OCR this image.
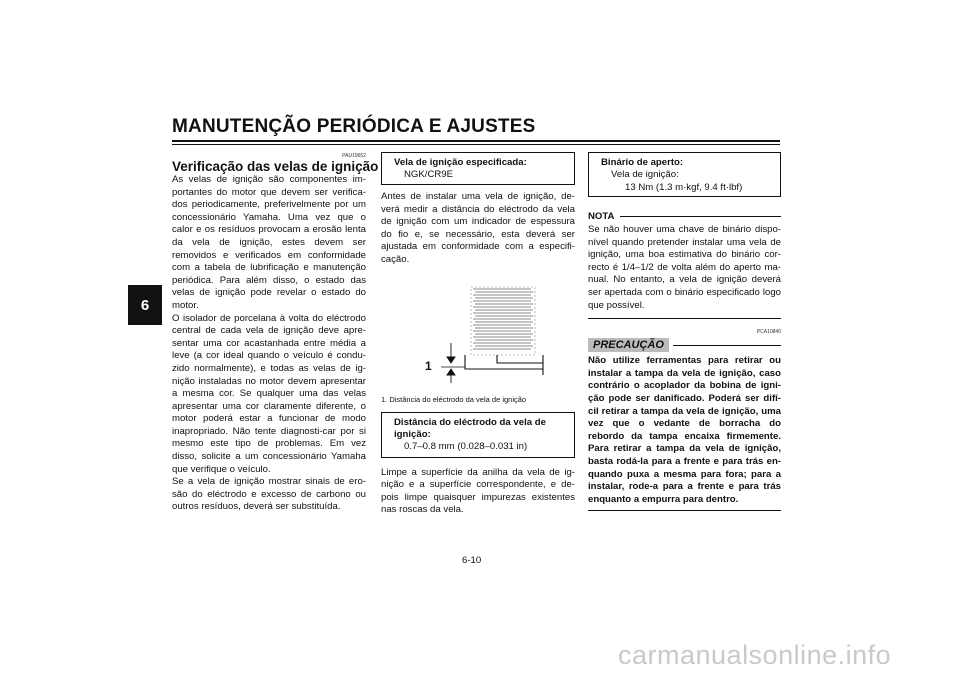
MANUTENÇÃO PERIÓDICA E AJUSTES
6
PAU19652
Verificação das velas de ignição

As velas de ignição são componentes im-portantes do motor que devem ser verifica-dos periodicamente, preferivelmente por um concessionário Yamaha. Uma vez que o calor e os resíduos provocam a erosão lenta da vela de ignição, estes devem ser removidos e verificados em conformidade com a tabela de lubrificação e manutenção periódica. Para além disso, o estado das velas de ignição pode revelar o estado do motor.

O isolador de porcelana à volta do eléctrodo central de cada vela de ignição deve apre-sentar uma cor acastanhada entre média a leve (a cor ideal quando o veículo é condu-zido normalmente), e todas as velas de ig-nição instaladas no motor devem apresentar a mesma cor. Se qualquer uma das velas apresentar uma cor claramente diferente, o motor poderá estar a funcionar de modo inapropriado. Não tente diagnosti-car por si mesmo este tipo de problemas. Em vez disso, solicite a um concessionário Yamaha que verifique o veículo.

Se a vela de ignição mostrar sinais de ero-são do eléctrodo e excesso de carbono ou outros resíduos, deverá ser substituída.

Vela de ignição especificada:
NGK/CR9E
Antes de instalar uma vela de ignição, de-verá medir a distância do eléctrodo da vela de ignição com um indicador de espessura do fio e, se necessário, esta deverá ser ajustada em conformidade com a especifi-cação.
1
1. Distância do eléctrodo da vela de ignição
Distância do eléctrodo da vela de ignição:
0.7–0.8 mm (0.028–0.031 in)
Limpe a superfície da anilha da vela de ig-nição e a superfície correspondente, e de-pois limpe quaisquer impurezas existentes nas roscas da vela.
Binário de aperto:
Vela de ignição:
13 Nm (1.3 m·kgf, 9.4 ft·lbf)
NOTA
Se não houver uma chave de binário dispo-nível quando pretender instalar uma vela de ignição, uma boa estimativa do binário cor-recto é 1/4–1/2 de volta além do aperto ma-nual. No entanto, a vela de ignição deverá ser apertada com o binário especificado logo que possível.
PCA10840
PRECAUÇÃO
Não utilize ferramentas para retirar ou instalar a tampa da vela de ignição, caso contrário o acoplador da bobina de igni-ção pode ser danificado. Poderá ser difí-cil retirar a tampa da vela de ignição, uma vez que o vedante de borracha do rebordo da tampa encaixa firmemente. Para retirar a tampa da vela de ignição, basta rodá-la para a frente e para trás en-quando puxa a mesma para fora; para a instalar, rode-a para a frente e para trás enquanto a empurra para dentro.
6-10
carmanualsonline.info
